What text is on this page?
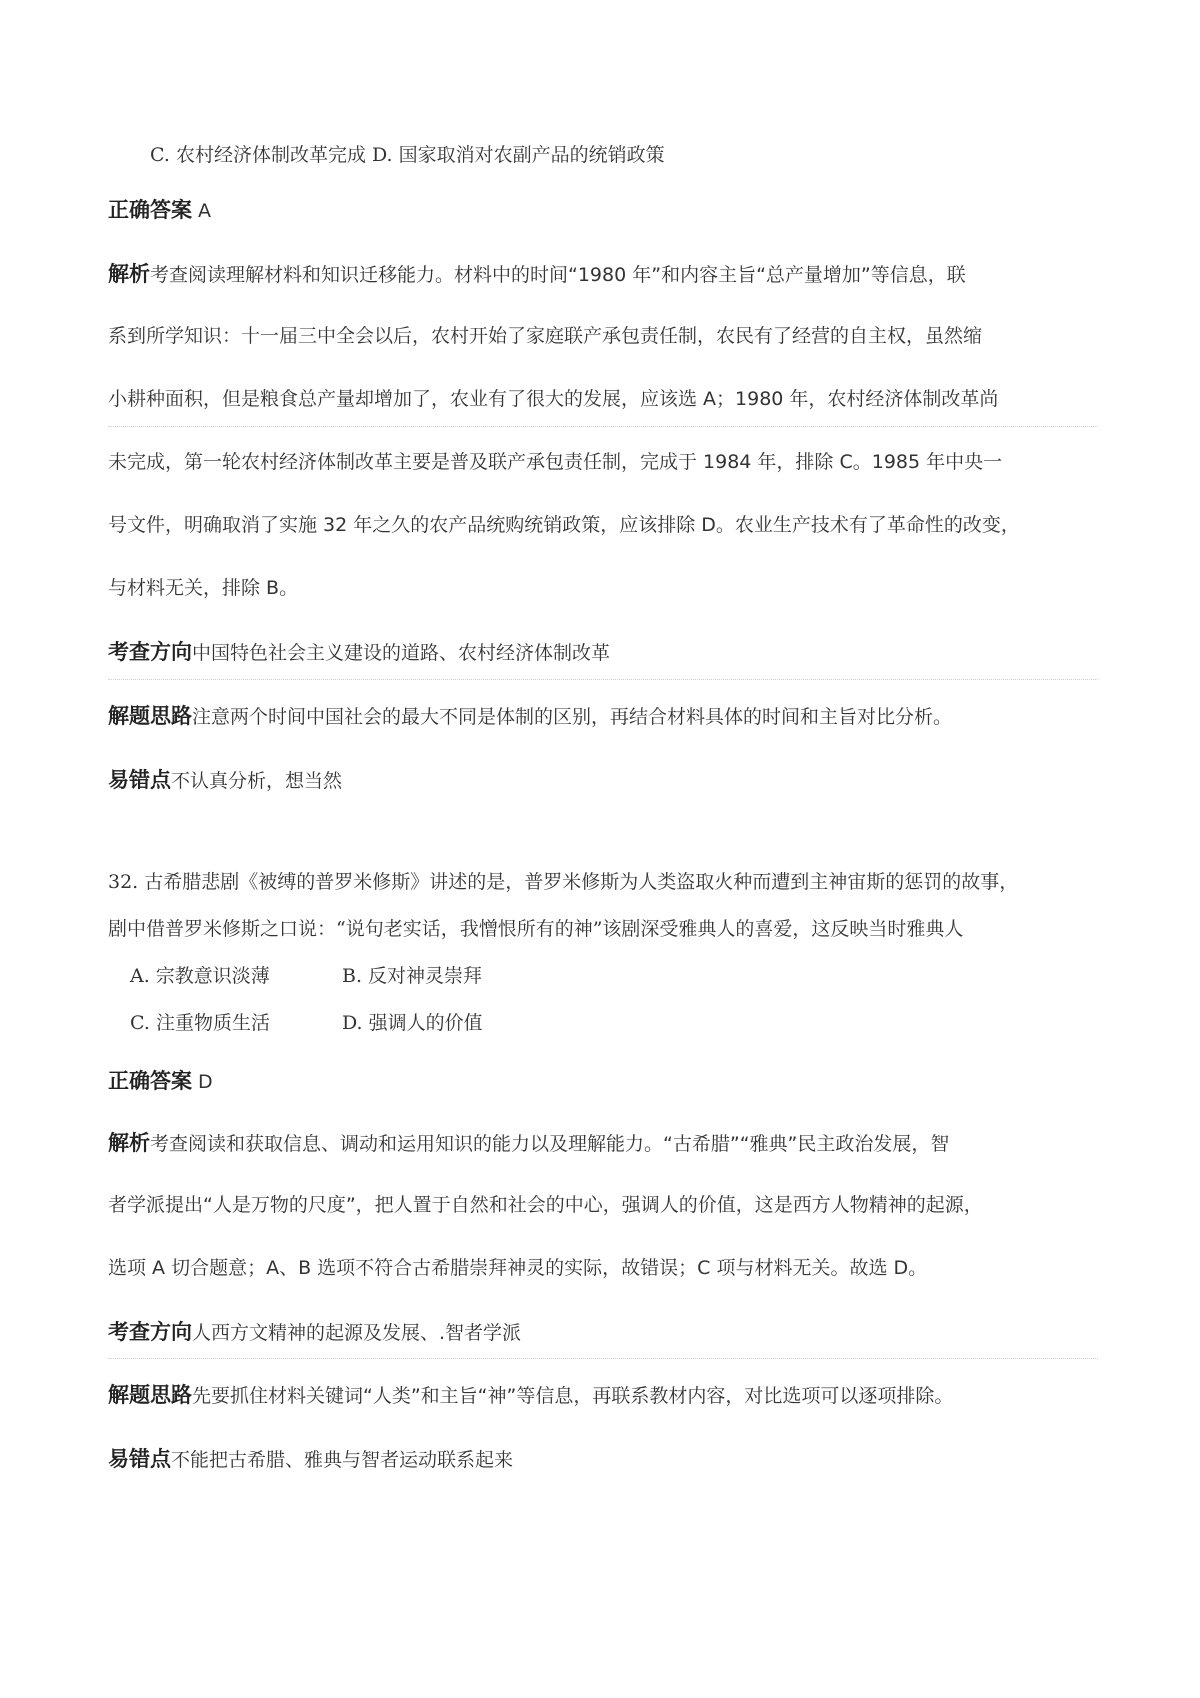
C. 农村经济体制改革完成 D. 国家取消对农副产品的统销政策
正确答案 A
解析考查阅读理解材料和知识迁移能力。材料中的时间“1980 年”和内容主旨“总产量增加”等信息，联
系到所学知识：十一届三中全会以后，农村开始了家庭联产承包责任制，农民有了经营的自主权，虽然缩
小耕种面积，但是粮食总产量却增加了，农业有了很大的发展，应该选 A；1980 年，农村经济体制改革尚
未完成，第一轮农村经济体制改革主要是普及联产承包责任制，完成于 1984 年，排除 C。1985 年中央一
号文件，明确取消了实施 32 年之久的农产品统购统销政策，应该排除 D。农业生产技术有了革命性的改变，
与材料无关，排除 B。
考查方向中国特色社会主义建设的道路、农村经济体制改革
解题思路注意两个时间中国社会的最大不同是体制的区别，再结合材料具体的时间和主旨对比分析。
易错点不认真分析，想当然
32. 古希腊悲剧《被缚的普罗米修斯》讲述的是，普罗米修斯为人类盗取火种而遭到主神宙斯的惩罚的故事，
剧中借普罗米修斯之口说：“说句老实话，我憎恨所有的神”该剧深受雅典人的喜爱，这反映当时雅典人
A. 宗教意识淡薄	B. 反对神灵崇拜
C. 注重物质生活	D. 强调人的价值
正确答案 D
解析考查阅读和获取信息、调动和运用知识的能力以及理解能力。“古希腊”“雅典”民主政治发展，智
者学派提出“人是万物的尺度”，把人置于自然和社会的中心，强调人的价值，这是西方人物精神的起源，
选项 A 切合题意；A、B 选项不符合古希腊崇拜神灵的实际，故错误；C 项与材料无关。故选 D。
考查方向人西方文精神的起源及发展、.智者学派
解题思路先要抓住材料关键词“人类”和主旨“神”等信息，再联系教材内容，对比选项可以逐项排除。
易错点不能把古希腊、雅典与智者运动联系起来
